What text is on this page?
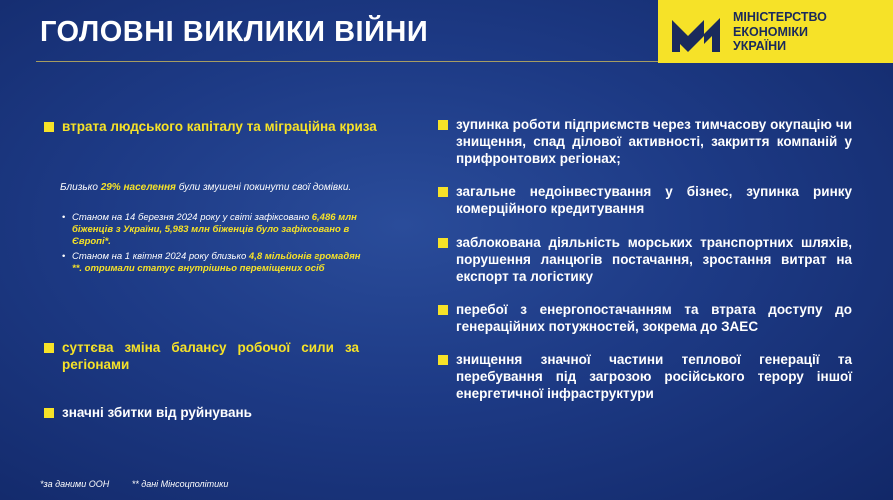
ГОЛОВНІ ВИКЛИКИ ВІЙНИ	МІНІСТЕРСТВО
ЕКОНОМІКИ
УКРАЇНИ
втрата людського капіталу та міграційна криза
Близько 29% населення були змушені покинути свої домівки.
• Станом на 14 березня 2024 року у світі зафіксовано 6,486 млн біженців з України, 5,983 млн біженців було зафіксовано в Європі*.
• Станом на 1 квітня 2024 року близько 4,8 мільйонів громадян **. отримали статус внутрішньо переміщених осіб
суттєва зміна балансу робочої сили за регіонами
значні збитки від руйнувань
зупинка роботи підприємств через тимчасову окупацію чи знищення, спад ділової активності, закриття компаній у прифронтових регіонах;
загальне недоінвестування у бізнес, зупинка ринку комерційного кредитування
заблокована діяльність морських транспортних шляхів, порушення ланцюгів постачання, зростання витрат на експорт та логістику
перебої з енергопостачанням та втрата доступу до генераційних потужностей, зокрема до ЗАЕС
знищення значної частини теплової генерації та перебування під загрозою російського терору іншої енергетичної інфраструктури
*за даними ООН	** дані Мінсоцполітики
